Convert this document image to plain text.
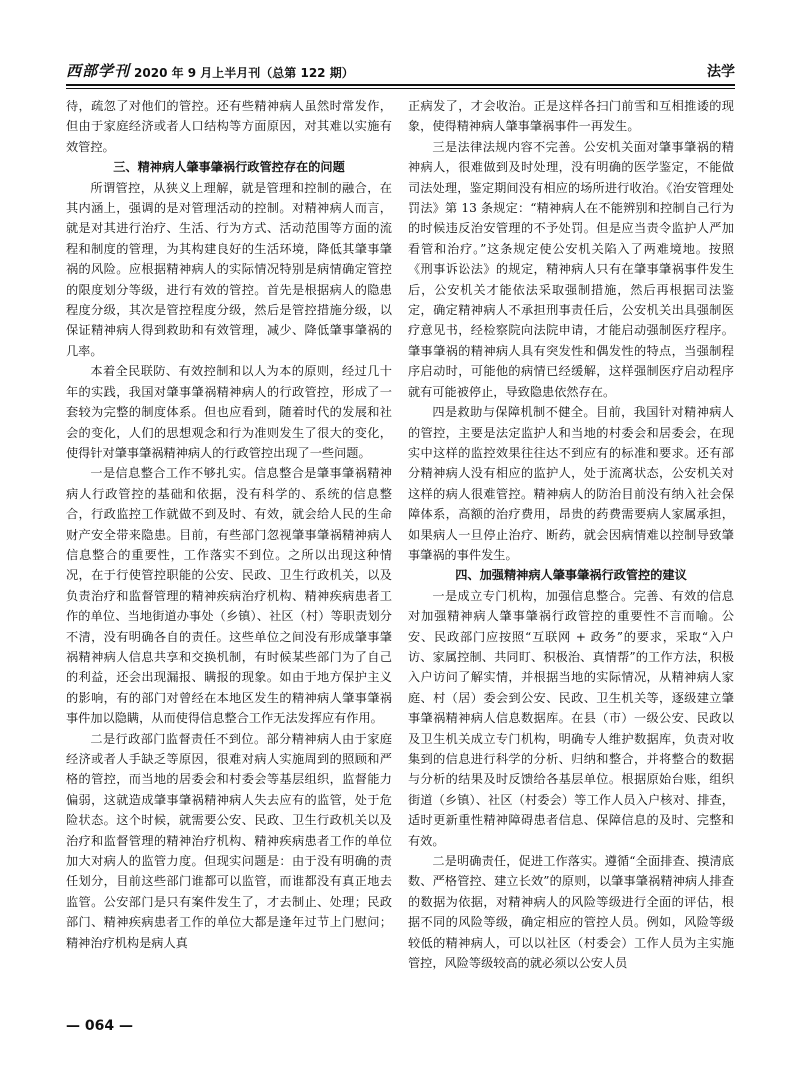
西部学刊 2020 年 9 月上半月刊（总第 122 期）	法学

待，疏忽了对他们的管控。还有些精神病人虽然时常发作，但由于家庭经济或者人口结构等方面原因，对其难以实施有效管控。

三、精神病人肇事肇祸行政管控存在的问题

所谓管控，从狭义上理解，就是管理和控制的融合，在其内涵上，强调的是对管理活动的控制。对精神病人而言，就是对其进行治疗、生活、行为方式、活动范围等方面的流程和制度的管理，为其构建良好的生活环境，降低其肇事肇祸的风险。应根据精神病人的实际情况特别是病情确定管控的限度划分等级，进行有效的管控。首先是根据病人的隐患程度分级，其次是管控程度分级，然后是管控措施分级，以保证精神病人得到救助和有效管理，减少、降低肇事肇祸的几率。

本着全民联防、有效控制和以人为本的原则，经过几十年的实践，我国对肇事肇祸精神病人的行政管控，形成了一套较为完整的制度体系。但也应看到，随着时代的发展和社会的变化，人们的思想观念和行为准则发生了很大的变化，使得针对肇事肇祸精神病人的行政管控出现了一些问题。

一是信息整合工作不够扎实。信息整合是肇事肇祸精神病人行政管控的基础和依据，没有科学的、系统的信息整合，行政监控工作就做不到及时、有效，就会给人民的生命财产安全带来隐患。目前，有些部门忽视肇事肇祸精神病人信息整合的重要性，工作落实不到位。之所以出现这种情况，在于行使管控职能的公安、民政、卫生行政机关，以及负责治疗和监督管理的精神疾病治疗机构、精神疾病患者工作的单位、当地街道办事处（乡镇）、社区（村）等职责划分不清，没有明确各自的责任。这些单位之间没有形成肇事肇祸精神病人信息共享和交换机制，有时候某些部门为了自己的利益，还会出现漏报、瞒报的现象。如由于地方保护主义的影响，有的部门对曾经在本地区发生的精神病人肇事肇祸事件加以隐瞒，从而使得信息整合工作无法发挥应有作用。

二是行政部门监督责任不到位。部分精神病人由于家庭经济或者人手缺乏等原因，很难对病人实施周到的照顾和严格的管控，而当地的居委会和村委会等基层组织，监督能力偏弱，这就造成肇事肇祸精神病人失去应有的监管，处于危险状态。这个时候，就需要公安、民政、卫生行政机关以及治疗和监督管理的精神治疗机构、精神疾病患者工作的单位加大对病人的监管力度。但现实问题是：由于没有明确的责任划分，目前这些部门谁都可以监管，而谁都没有真正地去监管。公安部门是只有案件发生了，才去制止、处理；民政部门、精神疾病患者工作的单位大都是逢年过节上门慰问；精神治疗机构是病人真

正病发了，才会收治。正是这样各扫门前雪和互相推诿的现象，使得精神病人肇事肇祸事件一再发生。

三是法律法规内容不完善。公安机关面对肇事肇祸的精神病人，很难做到及时处理，没有明确的医学鉴定，不能做司法处理，鉴定期间没有相应的场所进行收治。《治安管理处罚法》第 13 条规定：“精神病人在不能辨别和控制自己行为的时候违反治安管理的不予处罚。但是应当责令监护人严加看管和治疗。”这条规定使公安机关陷入了两难境地。按照《刑事诉讼法》的规定，精神病人只有在肇事肇祸事件发生后，公安机关才能依法采取强制措施，然后再根据司法鉴定，确定精神病人不承担刑事责任后，公安机关出具强制医疗意见书，经检察院向法院申请，才能启动强制医疗程序。肇事肇祸的精神病人具有突发性和偶发性的特点，当强制程序启动时，可能他的病情已经缓解，这样强制医疗启动程序就有可能被停止，导致隐患依然存在。

四是救助与保障机制不健全。目前，我国针对精神病人的管控，主要是法定监护人和当地的村委会和居委会，在现实中这样的监控效果往往达不到应有的标准和要求。还有部分精神病人没有相应的监护人，处于流离状态，公安机关对这样的病人很难管控。精神病人的防治目前没有纳入社会保障体系，高额的治疗费用，昂贵的药费需要病人家属承担，如果病人一旦停止治疗、断药，就会因病情难以控制导致肇事肇祸的事件发生。

四、加强精神病人肇事肇祸行政管控的建议

一是成立专门机构，加强信息整合。完善、有效的信息对加强精神病人肇事肇祸行政管控的重要性不言而喻。公安、民政部门应按照“互联网 + 政务”的要求，采取“入户访、家属控制、共同盯、积极治、真情帮”的工作方法，积极入户访问了解实情，并根据当地的实际情况，从精神病人家庭、村（居）委会到公安、民政、卫生机关等，逐级建立肇事肇祸精神病人信息数据库。在县（市）一级公安、民政以及卫生机关成立专门机构，明确专人维护数据库，负责对收集到的信息进行科学的分析、归纳和整合，并将整合的数据与分析的结果及时反馈给各基层单位。根据原始台账，组织街道（乡镇）、社区（村委会）等工作人员入户核对、排查，适时更新重性精神障碍患者信息、保障信息的及时、完整和有效。

二是明确责任，促进工作落实。遵循“全面排查、摸清底数、严格管控、建立长效”的原则，以肇事肇祸精神病人排查的数据为依据，对精神病人的风险等级进行全面的评估，根据不同的风险等级，确定相应的管控人员。例如，风险等级较低的精神病人，可以以社区（村委会）工作人员为主实施管控，风险等级较高的就必须以公安人员

— 064 —
